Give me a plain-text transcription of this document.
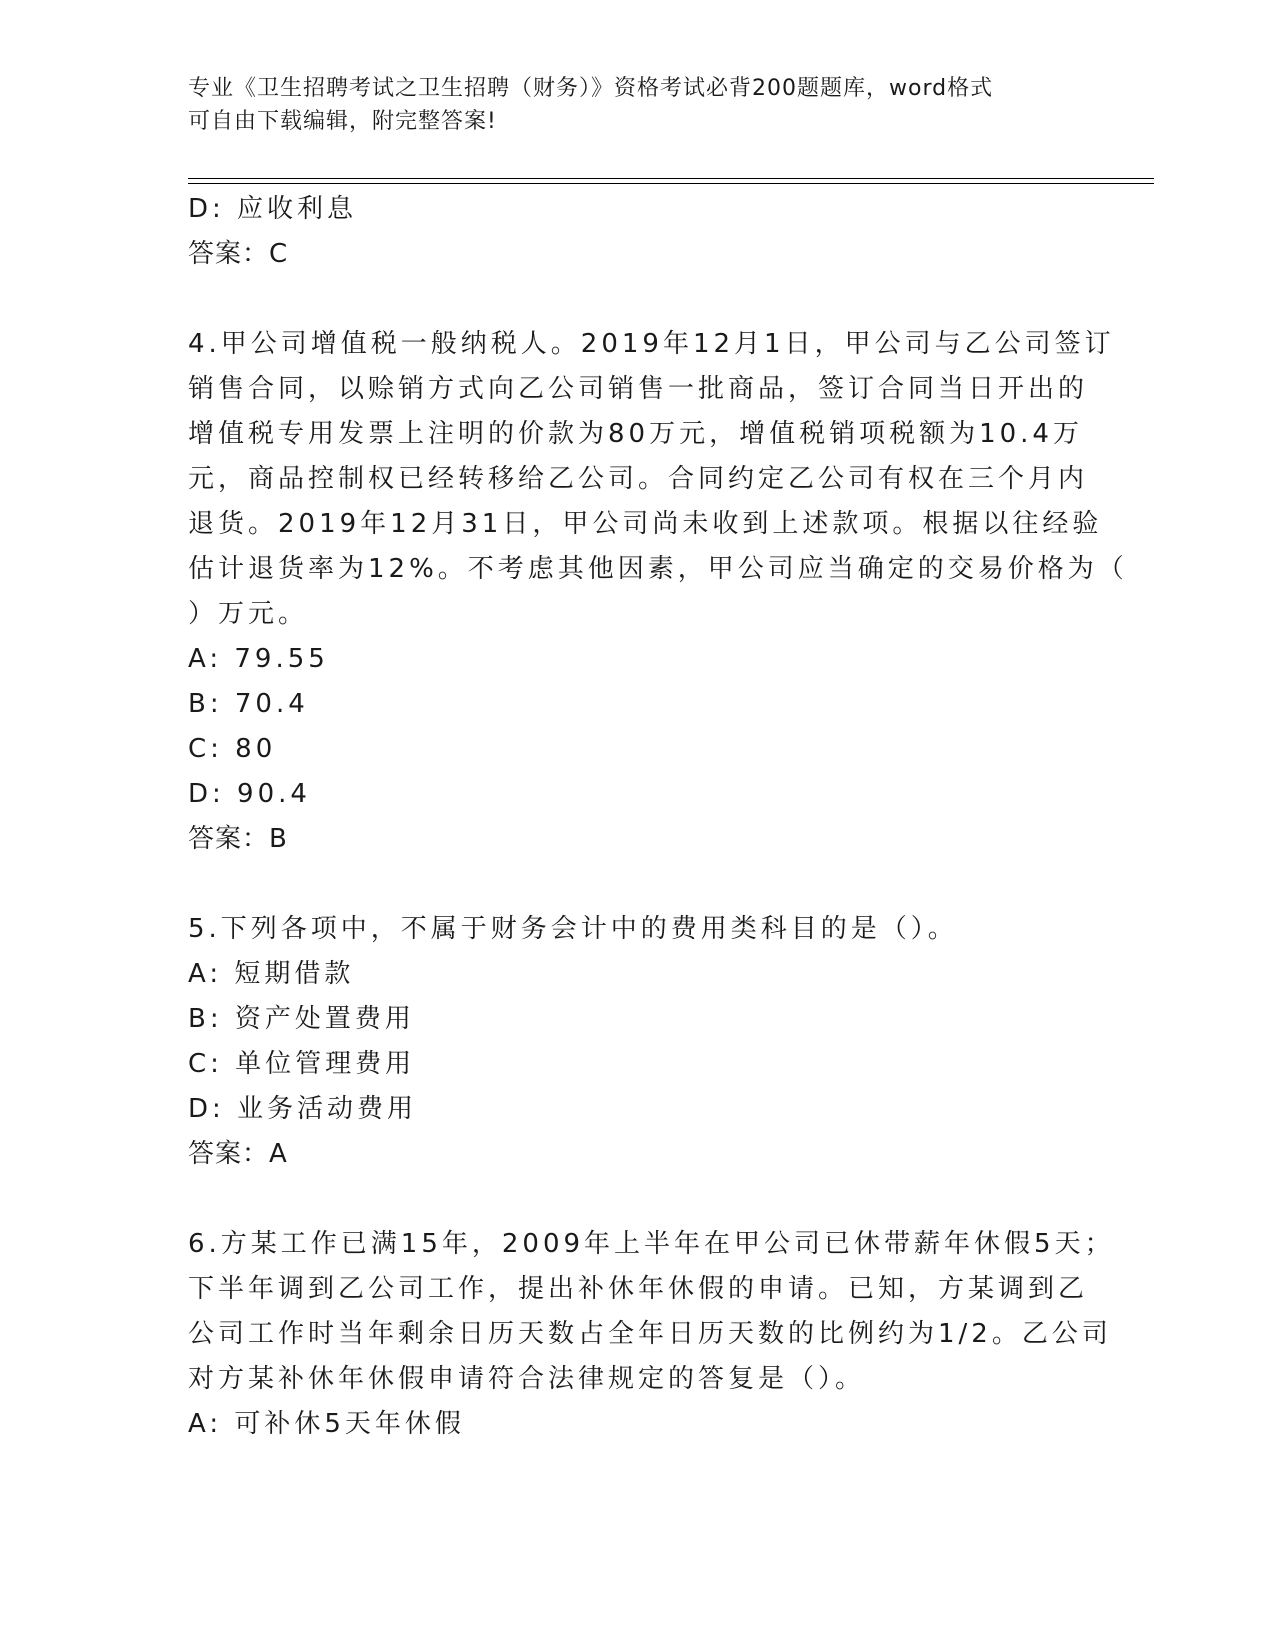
专业《卫生招聘考试之卫生招聘（财务）》资格考试必背200题题库，word格式
可自由下载编辑，附完整答案!
D: 应收利息
答案：C
4.甲公司增值税一般纳税人。2019年12月1日，甲公司与乙公司签订
销售合同，以赊销方式向乙公司销售一批商品，签订合同当日开出的
增值税专用发票上注明的价款为80万元，增值税销项税额为10.4万
元，商品控制权已经转移给乙公司。合同约定乙公司有权在三个月内
退货。2019年12月31日，甲公司尚未收到上述款项。根据以往经验
估计退货率为12%。不考虑其他因素，甲公司应当确定的交易价格为（
）万元。
A: 79.55
B: 70.4
C: 80
D: 90.4
答案：B
5.下列各项中，不属于财务会计中的费用类科目的是（）。
A: 短期借款
B: 资产处置费用
C: 单位管理费用
D: 业务活动费用
答案：A
6.方某工作已满15年，2009年上半年在甲公司已休带薪年休假5天；
下半年调到乙公司工作，提出补休年休假的申请。已知，方某调到乙
公司工作时当年剩余日历天数占全年日历天数的比例约为1/2。乙公司
对方某补休年休假申请符合法律规定的答复是（）。
A: 可补休5天年休假
